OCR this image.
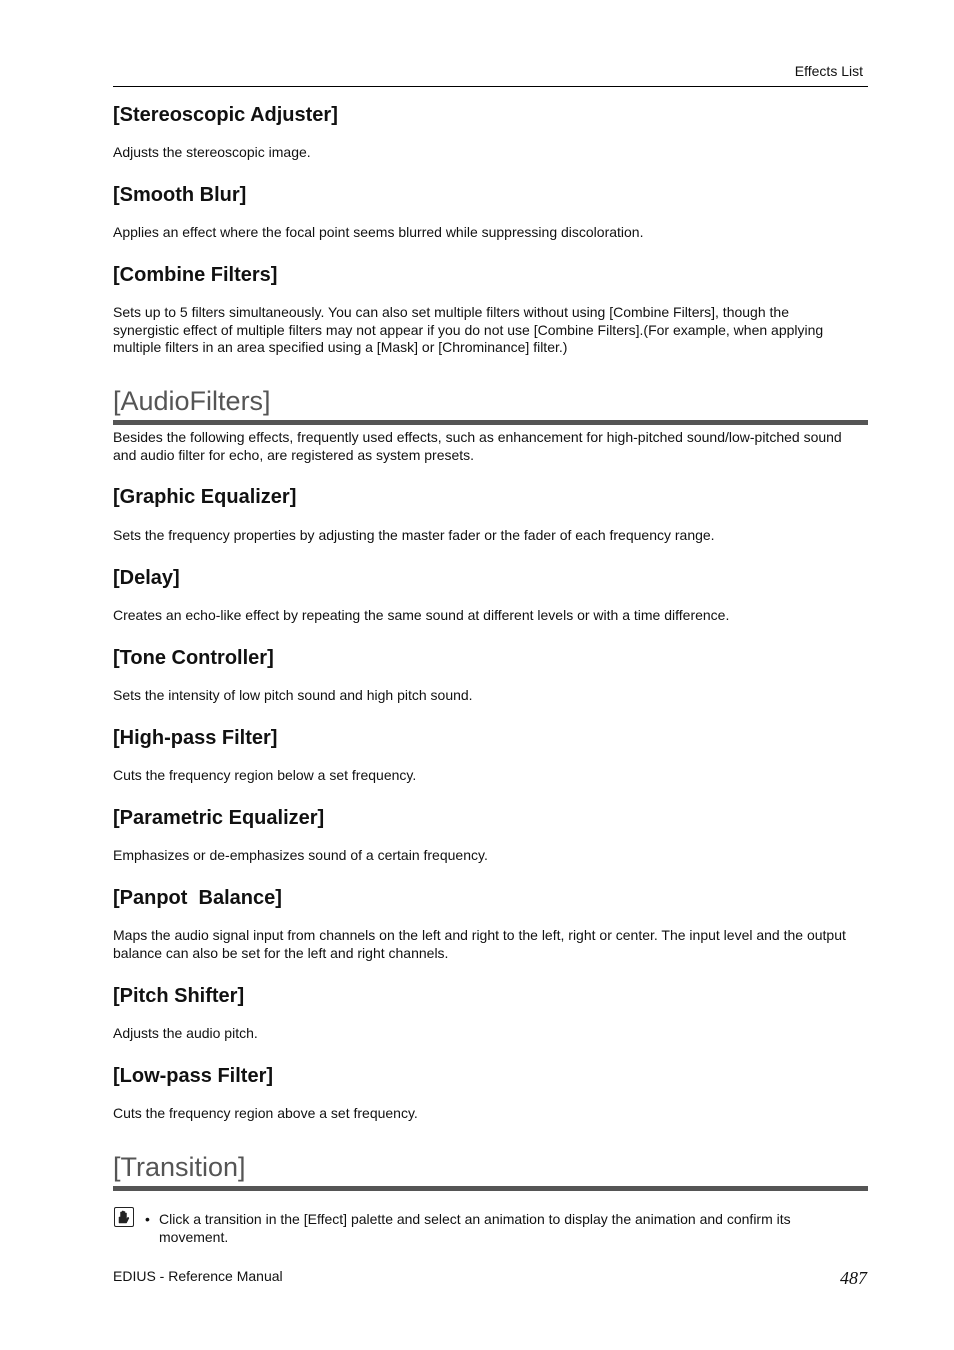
Effects List
[Stereoscopic Adjuster]

Adjusts the stereoscopic image.

[Smooth Blur]

Applies an effect where the focal point seems blurred while suppressing discoloration.

[Combine Filters]

Sets up to 5 filters simultaneously. You can also set multiple filters without using [Combine Filters], though the synergistic effect of multiple filters may not appear if you do not use [Combine Filters].(For example, when applying multiple filters in an area specified using a [Mask] or [Chrominance] filter.)

[AudioFilters]

Besides the following effects, frequently used effects, such as enhancement for high-pitched sound/low-pitched sound and audio filter for echo, are registered as system presets.

[Graphic Equalizer]

Sets the frequency properties by adjusting the master fader or the fader of each frequency range.

[Delay]

Creates an echo-like effect by repeating the same sound at different levels or with a time difference.

[Tone Controller]

Sets the intensity of low pitch sound and high pitch sound.

[High-pass Filter]

Cuts the frequency region below a set frequency.

[Parametric Equalizer]

Emphasizes or de-emphasizes sound of a certain frequency.

[Panpot  Balance]

Maps the audio signal input from channels on the left and right to the left, right or center. The input level and the output balance can also be set for the left and right channels.

[Pitch Shifter]

Adjusts the audio pitch.

[Low-pass Filter]

Cuts the frequency region above a set frequency.

[Transition]
• Click a transition in the [Effect] palette and select an animation to display the animation and confirm its movement.

EDIUS - Reference Manual	487
